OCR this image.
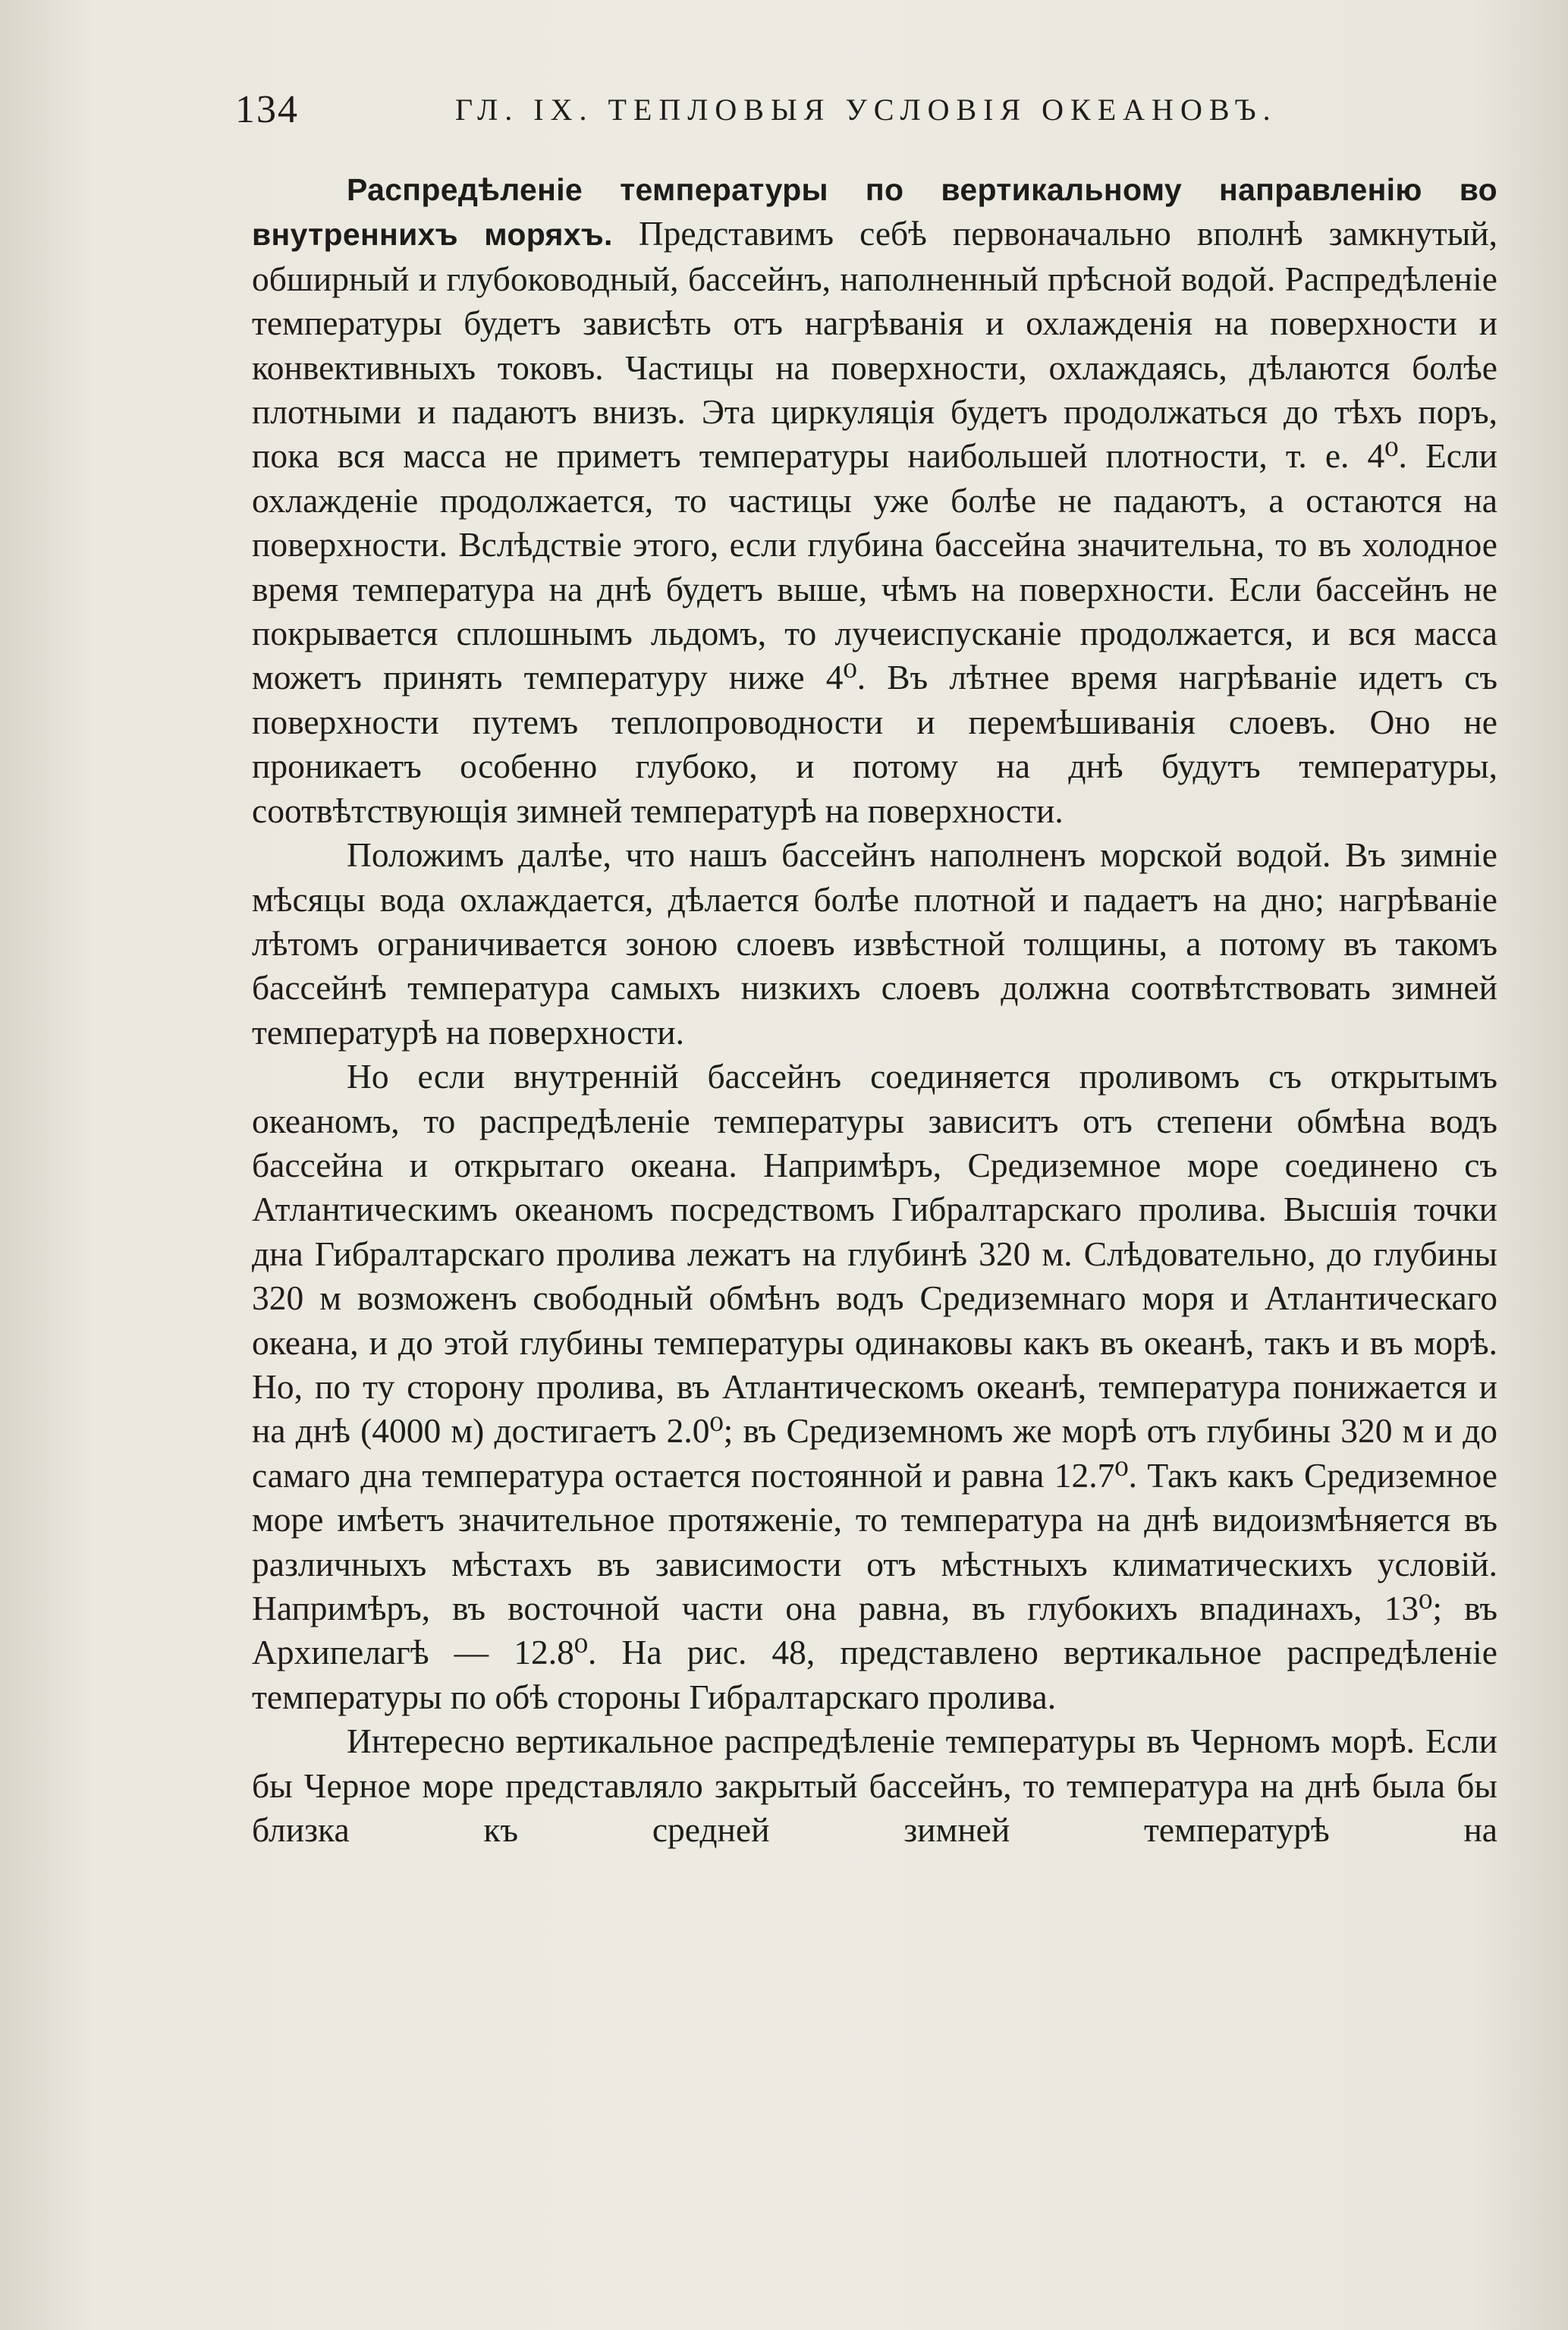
134	ГЛ. IX. ТЕПЛОВЫЯ УСЛОВІЯ ОКЕАНОВЪ.

Распредѣленіе температуры по вертикальному направленію во внутреннихъ моряхъ. Представимъ себѣ первоначально вполнѣ замкнутый, обширный и глубоководный, бассейнъ, наполненный прѣсной водой. Распредѣленіе температуры будетъ зависѣть отъ нагрѣванія и охлажденія на поверхности и конвективныхъ токовъ. Частицы на поверхности, охлаждаясь, дѣлаются болѣе плотными и падаютъ внизъ. Эта циркуляція будетъ продолжаться до тѣхъ поръ, пока вся масса не приметъ температуры наибольшей плотности, т. е. 4⁰. Если охлажденіе продолжается, то частицы уже болѣе не падаютъ, а остаются на поверхности. Вслѣдствіе этого, если глубина бассейна значительна, то въ холодное время температура на днѣ будетъ выше, чѣмъ на поверхности. Если бассейнъ не покрывается сплошнымъ льдомъ, то лучеиспусканіе продолжается, и вся масса можетъ принять температуру ниже 4⁰. Въ лѣтнее время нагрѣваніе идетъ съ поверхности путемъ теплопроводности и перемѣшиванія слоевъ. Оно не проникаетъ особенно глубоко, и потому на днѣ будутъ температуры, соотвѣтствующія зимней температурѣ на поверхности.

Положимъ далѣе, что нашъ бассейнъ наполненъ морской водой. Въ зимніе мѣсяцы вода охлаждается, дѣлается болѣе плотной и падаетъ на дно; нагрѣваніе лѣтомъ ограничивается зоною слоевъ извѣстной толщины, а потому въ такомъ бассейнѣ температура самыхъ низкихъ слоевъ должна соотвѣтствовать зимней температурѣ на поверхности.

Но если внутренній бассейнъ соединяется проливомъ съ открытымъ океаномъ, то распредѣленіе температуры зависитъ отъ степени обмѣна водъ бассейна и открытаго океана. Напримѣръ, Средиземное море соединено съ Атлантическимъ океаномъ посредствомъ Гибралтарскаго пролива. Высшія точки дна Гибралтарскаго пролива лежатъ на глубинѣ 320 м. Слѣдовательно, до глубины 320 м возможенъ свободный обмѣнъ водъ Средиземнаго моря и Атлантическаго океана, и до этой глубины температуры одинаковы какъ въ океанѣ, такъ и въ морѣ. Но, по ту сторону пролива, въ Атлантическомъ океанѣ, температура понижается и на днѣ (4000 м) достигаетъ 2.0⁰; въ Средиземномъ же морѣ отъ глубины 320 м и до самаго дна температура остается постоянной и равна 12.7⁰. Такъ какъ Средиземное море имѣетъ значительное протяженіе, то температура на днѣ видоизмѣняется въ различныхъ мѣстахъ въ зависимости отъ мѣстныхъ климатическихъ условій. Напримѣръ, въ восточной части она равна, въ глубокихъ впадинахъ, 13⁰; въ Архипелагѣ — 12.8⁰. На рис. 48, представлено вертикальное распредѣленіе температуры по обѣ стороны Гибралтарскаго пролива.

Интересно вертикальное распредѣленіе температуры въ Черномъ морѣ. Если бы Черное море представляло закрытый бассейнъ, то температура на днѣ была бы близка къ средней зимней температурѣ на
